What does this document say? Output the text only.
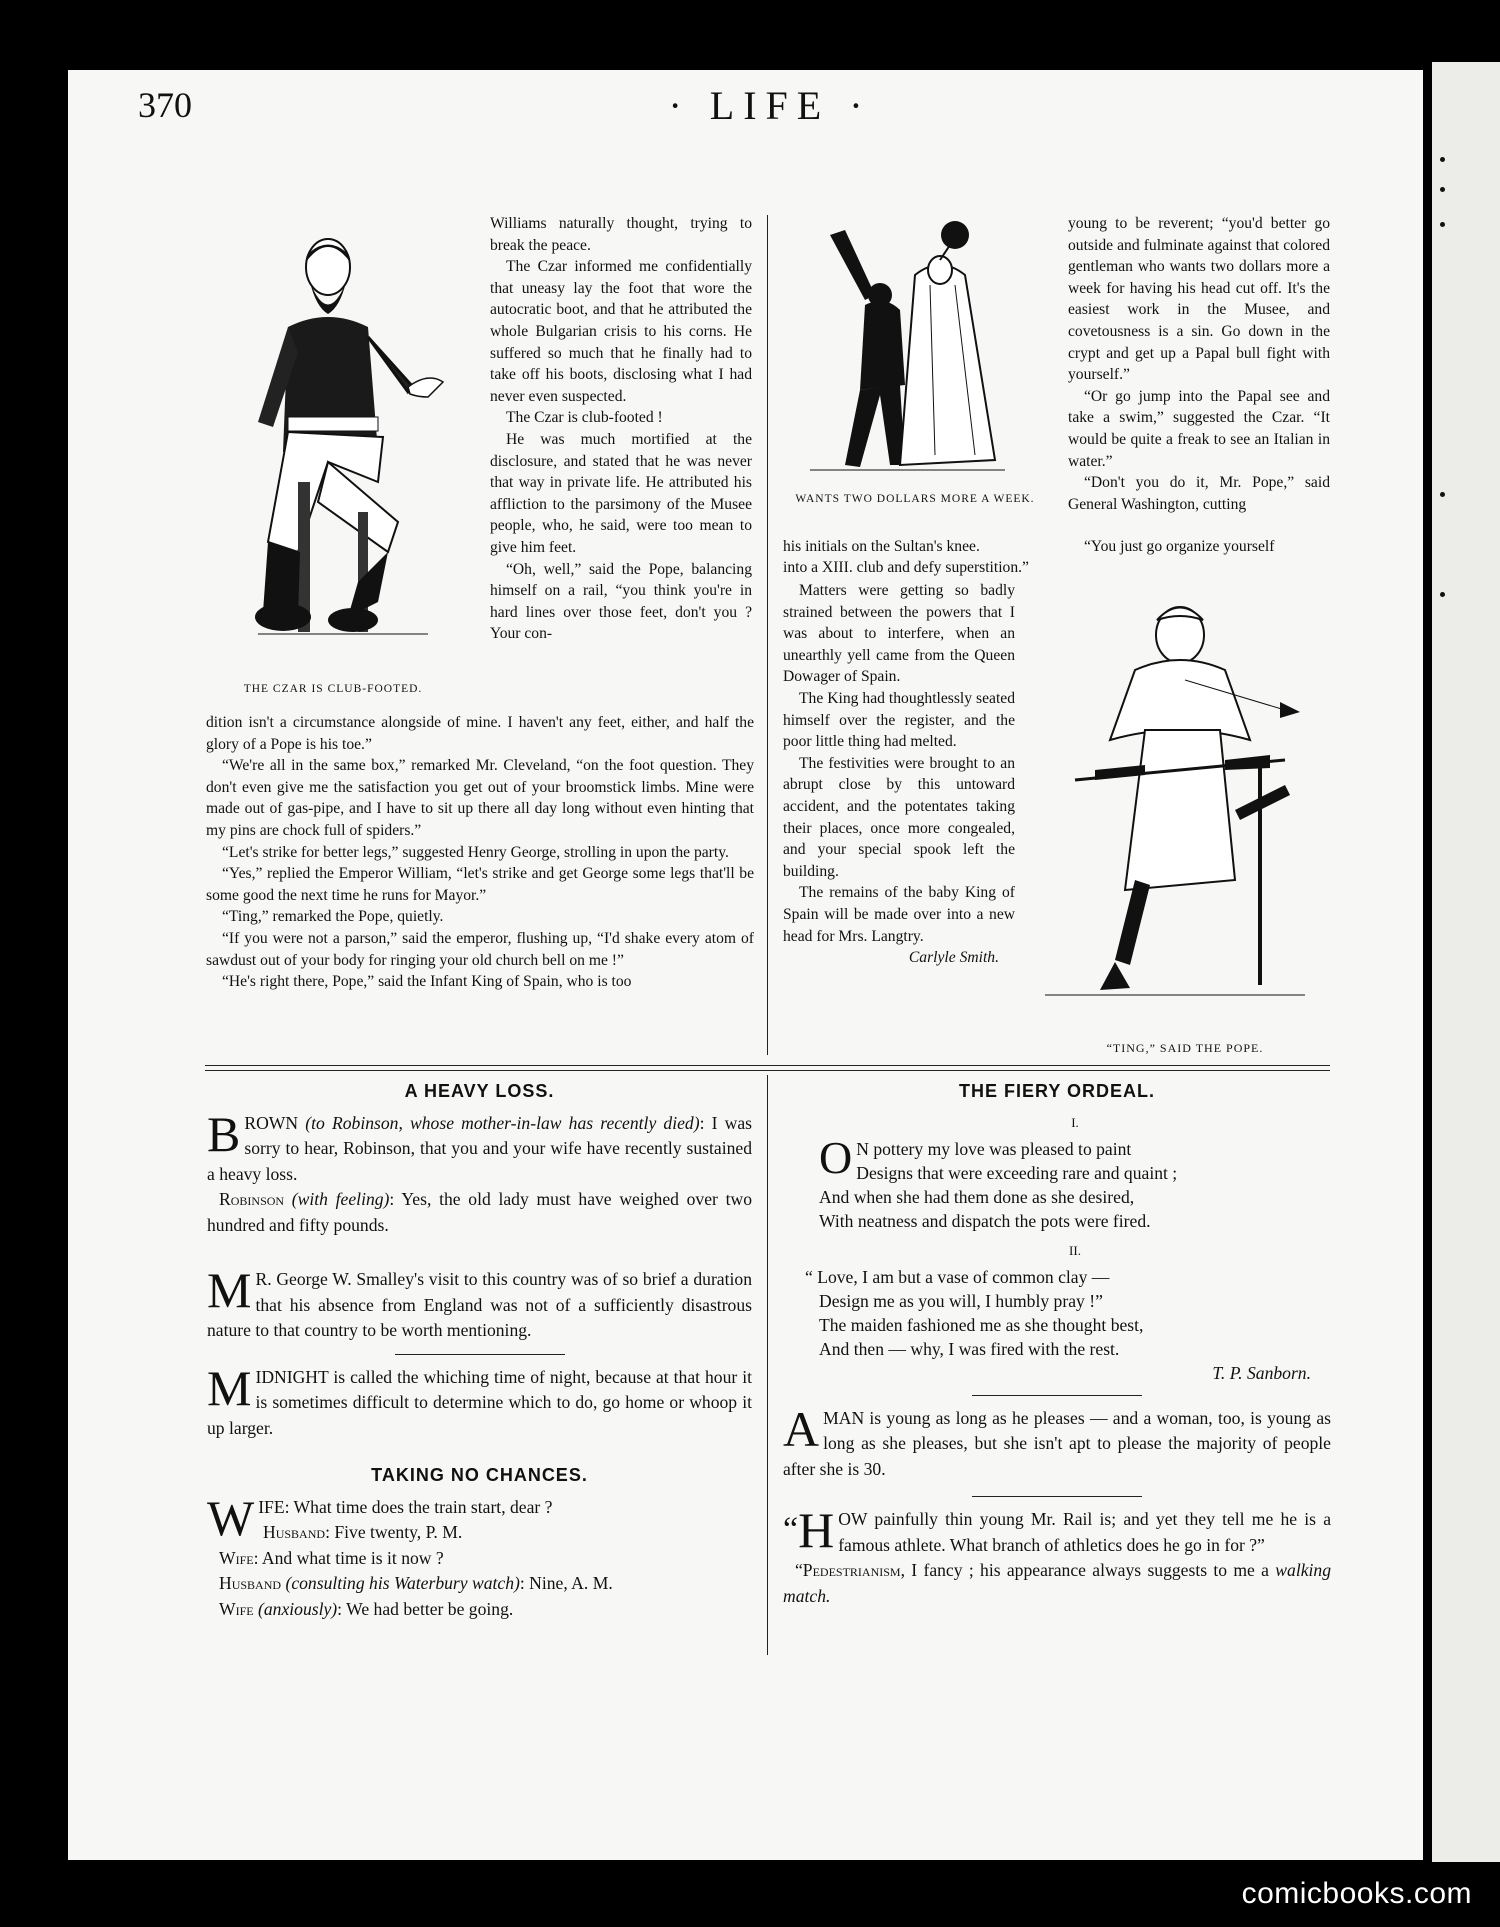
370	· LIFE ·
THE CZAR IS CLUB-FOOTED.

Williams naturally thought, trying to break the peace.

The Czar informed me confidentially that uneasy lay the foot that wore the autocratic boot, and that he attributed the whole Bulgarian crisis to his corns. He suffered so much that he finally had to take off his boots, disclosing what I had never even suspected.

The Czar is club-footed !

He was much mortified at the disclosure, and stated that he was never that way in private life. He attributed his affliction to the parsimony of the Musee people, who, he said, were too mean to give him feet.

“Oh, well,” said the Pope, balancing himself on a rail, “you think you're in hard lines over those feet, don't you ? Your con-

dition isn't a circumstance alongside of mine. I haven't any feet, either, and half the glory of a Pope is his toe.”

“We're all in the same box,” remarked Mr. Cleveland, “on the foot question. They don't even give me the satisfaction you get out of your broomstick limbs. Mine were made out of gas-pipe, and I have to sit up there all day long without even hinting that my pins are chock full of spiders.”

“Let's strike for better legs,” suggested Henry George, strolling in upon the party.

“Yes,” replied the Emperor William, “let's strike and get George some legs that'll be some good the next time he runs for Mayor.”

“Ting,” remarked the Pope, quietly.

“If you were not a parson,” said the emperor, flushing up, “I'd shake every atom of sawdust out of your body for ringing your old church bell on me !”

“He's right there, Pope,” said the Infant King of Spain, who is too

WANTS TWO DOLLARS MORE A WEEK.

young to be reverent; “you'd better go outside and fulminate against that colored gentleman who wants two dollars more a week for having his head cut off. It's the easiest work in the Musee, and covetousness is a sin. Go down in the crypt and get up a Papal bull fight with yourself.”

“Or go jump into the Papal see and take a swim,” suggested the Czar. “It would be quite a freak to see an Italian in water.”

“Don't you do it, Mr. Pope,” said General Washington, cutting

his initials on the Sultan's knee.	“You just go organize yourself

into a XIII. club and defy superstition.”

Matters were getting so badly strained between the powers that I was about to interfere, when an unearthly yell came from the Queen Dowager of Spain.

The King had thoughtlessly seated himself over the register, and the poor little thing had melted.

The festivities were brought to an abrupt close by this untoward accident, and the potentates taking their places, once more congealed, and your special spook left the building.

The remains of the baby King of Spain will be made over into a new head for Mrs. Langtry.

Carlyle Smith.

“TING,” SAID THE POPE.
A HEAVY LOSS.

BROWN (to Robinson, whose mother-in-law has recently died): I was sorry to hear, Robinson, that you and your wife have recently sustained a heavy loss.

Robinson (with feeling): Yes, the old lady must have weighed over two hundred and fifty pounds.

M R. George W. Smalley's visit to this country was of so brief a duration that his absence from England was not of a sufficiently disastrous nature to that country to be worth mentioning.

MIDNIGHT is called the whiching time of night, because at that hour it is sometimes difficult to determine which to do, go home or whoop it up larger.

TAKING NO CHANCES.

WIFE: What time does the train start, dear ?

Husband: Five twenty, P. M.

Wife: And what time is it now ?

Husband (consulting his Waterbury watch): Nine, A. M.

Wife (anxiously): We had better be going.

THE FIERY ORDEAL.
I.
O N pottery my love was pleased to paint
Designs that were exceeding rare and quaint ;
And when she had them done as she desired,
With neatness and dispatch the pots were fired.
II.
“ Love, I am but a vase of common clay —
Design me as you will, I humbly pray !”
The maiden fashioned me as she thought best,
And then — why, I was fired with the rest.
T. P. Sanborn.

AMAN is young as long as he pleases — and a woman, too, is young as long as she pleases, but she isn't apt to please the majority of people after she is 30.

“ H OW painfully thin young Mr. Rail is; and yet they tell me he is a famous athlete. What branch of athletics does he go in for ?”

“Pedestrianism, I fancy ; his appearance always suggests to me a walking match.

comicbooks.com
